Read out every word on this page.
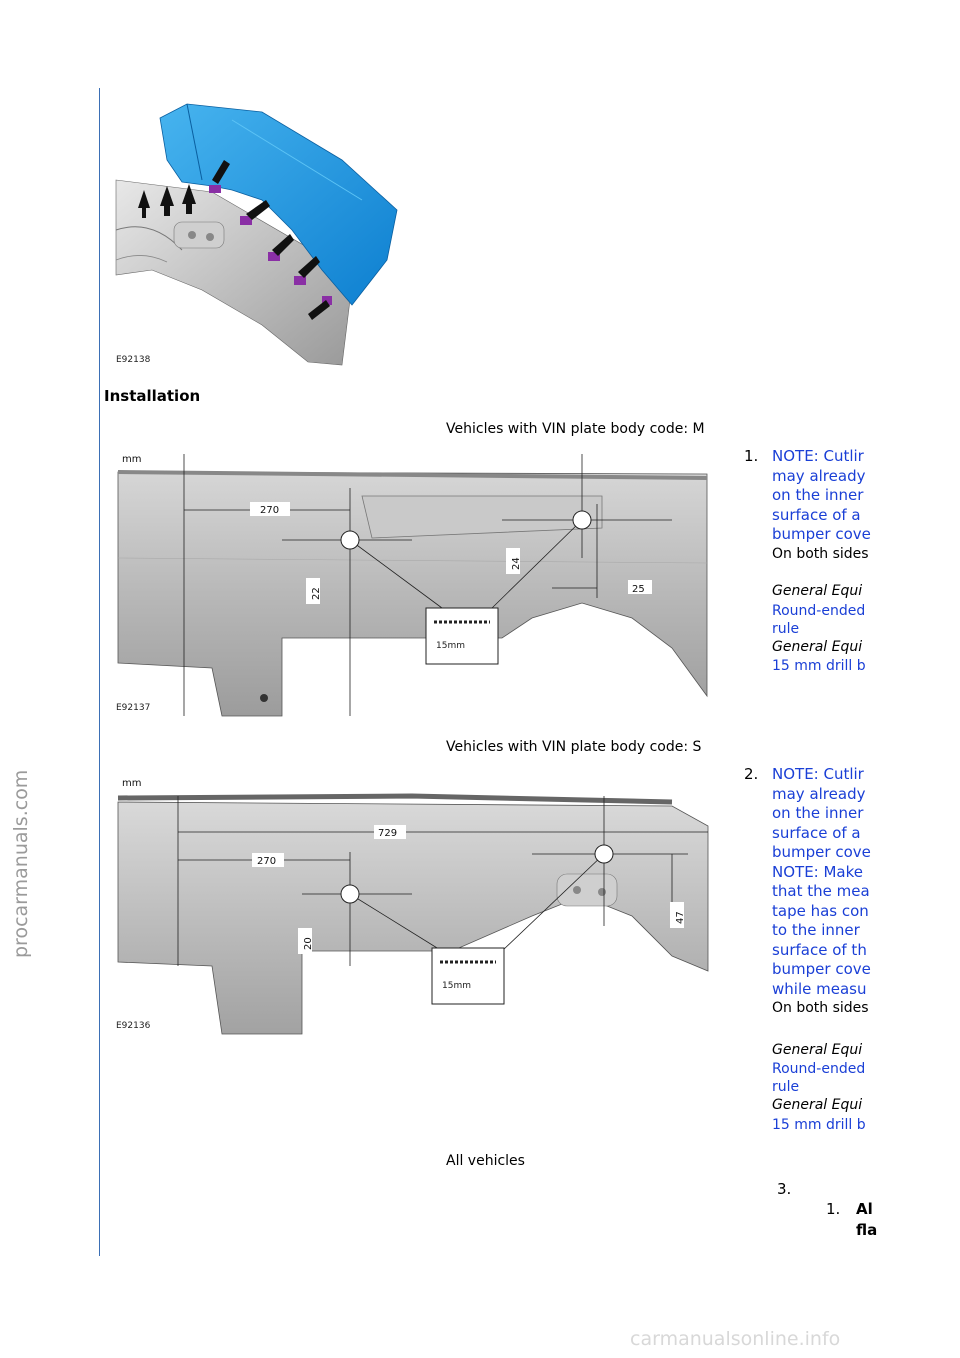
procarmanuals.com
E92138
Installation
Vehicles with VIN plate body code: M
mm
270
22
24
25
15mm
E92137
1. NOTE: Cutlir
may already
on the inner
surface of a
bumper cove
On both sides
General Equi
Round-ended
rule
General Equi
15 mm drill b
Vehicles with VIN plate body code: S
mm
729
270
20
47
15mm
E92136
2. NOTE: Cutlir
may already
on the inner
surface of a
bumper cove
NOTE: Make
that the mea
tape has con
to the inner
surface of th
bumper cove
while measu
On both sides
General Equi
Round-ended
rule
General Equi
15 mm drill b
All vehicles
3.
1. Al
fla
carmanualsonline.info
